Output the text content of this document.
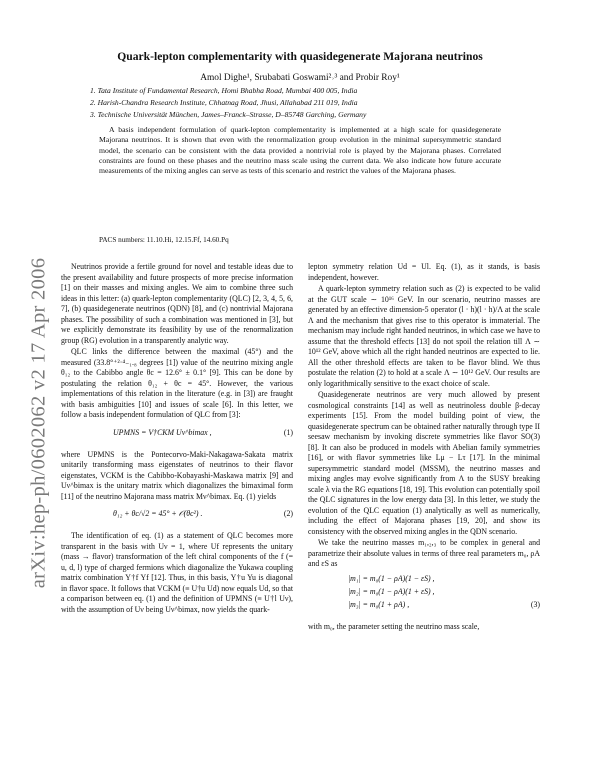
arXiv:hep-ph/0602062 v2 17 Apr 2006
Quark-lepton complementarity with quasidegenerate Majorana neutrinos
Amol Dighe¹, Srubabati Goswami²˒³ and Probir Roy¹
1. Tata Institute of Fundamental Research, Homi Bhabha Road, Mumbai 400 005, India
2. Harish-Chandra Research Institute, Chhatnag Road, Jhusi, Allahabad 211 019, India
3. Technische Universität München, James–Franck–Strasse, D–85748 Garching, Germany
A basis independent formulation of quark-lepton complementarity is implemented at a high scale for quasidegenerate Majorana neutrinos. It is shown that even with the renormalization group evolution in the minimal supersymmetric standard model, the scenario can be consistent with the data provided a nontrivial role is played by the Majorana phases. Correlated constraints are found on these phases and the neutrino mass scale using the current data. We also indicate how future accurate measurements of the mixing angles can serve as tests of this scenario and restrict the values of the Majorana phases.
PACS numbers: 11.10.Hi, 12.15.Ff, 14.60.Pq

Neutrinos provide a fertile ground for novel and testable ideas due to the present availability and future prospects of more precise information [1] on their masses and mixing angles. We aim to combine three such ideas in this letter: (a) quark-lepton complementarity (QLC) [2, 3, 4, 5, 6, 7], (b) quasidegenerate neutrinos (QDN) [8], and (c) nontrivial Majorana phases. The possibility of such a combination was mentioned in [3], but we explicitly demonstrate its feasibility by use of the renormalization group (RG) evolution in a transparently analytic way.

QLC links the difference between the maximal (45°) and the measured (33.8°⁺²·⁴₋₁.₈ degrees [1]) value of the neutrino mixing angle θ₁₂ to the Cabibbo angle θc = 12.6° ± 0.1° [9]. This can be done by postulating the relation θ₁₂ + θc = 45°. However, the various implementations of this relation in the literature (e.g. in [3]) are fraught with basis ambiguities [10] and issues of scale [6]. In this letter, we follow a basis independent formulation of QLC from [3]:

UPMNS = V†CKM Uν^bimax ,	(1)

where UPMNS is the Pontecorvo-Maki-Nakagawa-Sakata matrix unitarily transforming mass eigenstates of neutrinos to their flavor eigenstates, VCKM is the Cabibbo-Kobayashi-Maskawa matrix [9] and Uν^bimax is the unitary matrix which diagonalizes the bimaximal form [11] of the neutrino Majorana mass matrix Mν^bimax. Eq. (1) yields

θ₁₂ + θc/√2 = 45° + 𝒪(θc²) .	(2)

The identification of eq. (1) as a statement of QLC becomes more transparent in the basis with Uν = 1, where Uf represents the unitary (mass → flavor) transformation of the left chiral components of the f (= u, d, l) type of charged fermions which diagonalize the Yukawa coupling matrix combination Y†f Yf [12]. Thus, in this basis, Y†u Yu is diagonal in flavor space. It follows that VCKM (≡ U†u Ud) now equals Ud, so that a comparison between eq. (1) and the definition of UPMNS (≡ U†l Uν), with the assumption of Uν being Uν^bimax, now yields the quark-

lepton symmetry relation Ud = Ul. Eq. (1), as it stands, is basis independent, however.

A quark-lepton symmetry relation such as (2) is expected to be valid at the GUT scale ∼ 10¹⁶ GeV. In our scenario, neutrino masses are generated by an effective dimension-5 operator (l · h)(l · h)/Λ at the scale Λ and the mechanism that gives rise to this operator is immaterial. The mechanism may include right handed neutrinos, in which case we have to assume that the threshold effects [13] do not spoil the relation till Λ ∼ 10¹² GeV, above which all the right handed neutrinos are expected to lie. All the other threshold effects are taken to be flavor blind. We thus postulate the relation (2) to hold at a scale Λ ∼ 10¹² GeV. Our results are only logarithmically sensitive to the exact choice of scale.

Quasidegenerate neutrinos are very much allowed by present cosmological constraints [14] as well as neutrinoless double β-decay experiments [15]. From the model building point of view, the quasidegenerate spectrum can be obtained rather naturally through type II seesaw mechanism by invoking discrete symmetries like flavor SO(3) [8]. It can also be produced in models with Abelian family symmetries [16], or with flavor symmetries like Lμ − Lτ [17]. In the minimal supersymmetric standard model (MSSM), the neutrino masses and mixing angles may evolve significantly from Λ to the SUSY breaking scale λ via the RG equations [18, 19]. This evolution can potentially spoil the QLC signatures in the low energy data [3]. In this letter, we study the evolution of the QLC equation (1) analytically as well as numerically, including the effect of Majorana phases [19, 20], and show its consistency with the observed mixing angles in the QDN scenario.

We take the neutrino masses m₁,₂,₃ to be complex in general and parametrize their absolute values in terms of three real parameters m₀, ρA and εS as

|m₁| = m₀(1 − ρA)(1 − εS) ,
|m₂| = m₀(1 − ρA)(1 + εS) ,
|m₃| = m₀(1 + ρA) ,	(3)

with m₀, the parameter setting the neutrino mass scale,
